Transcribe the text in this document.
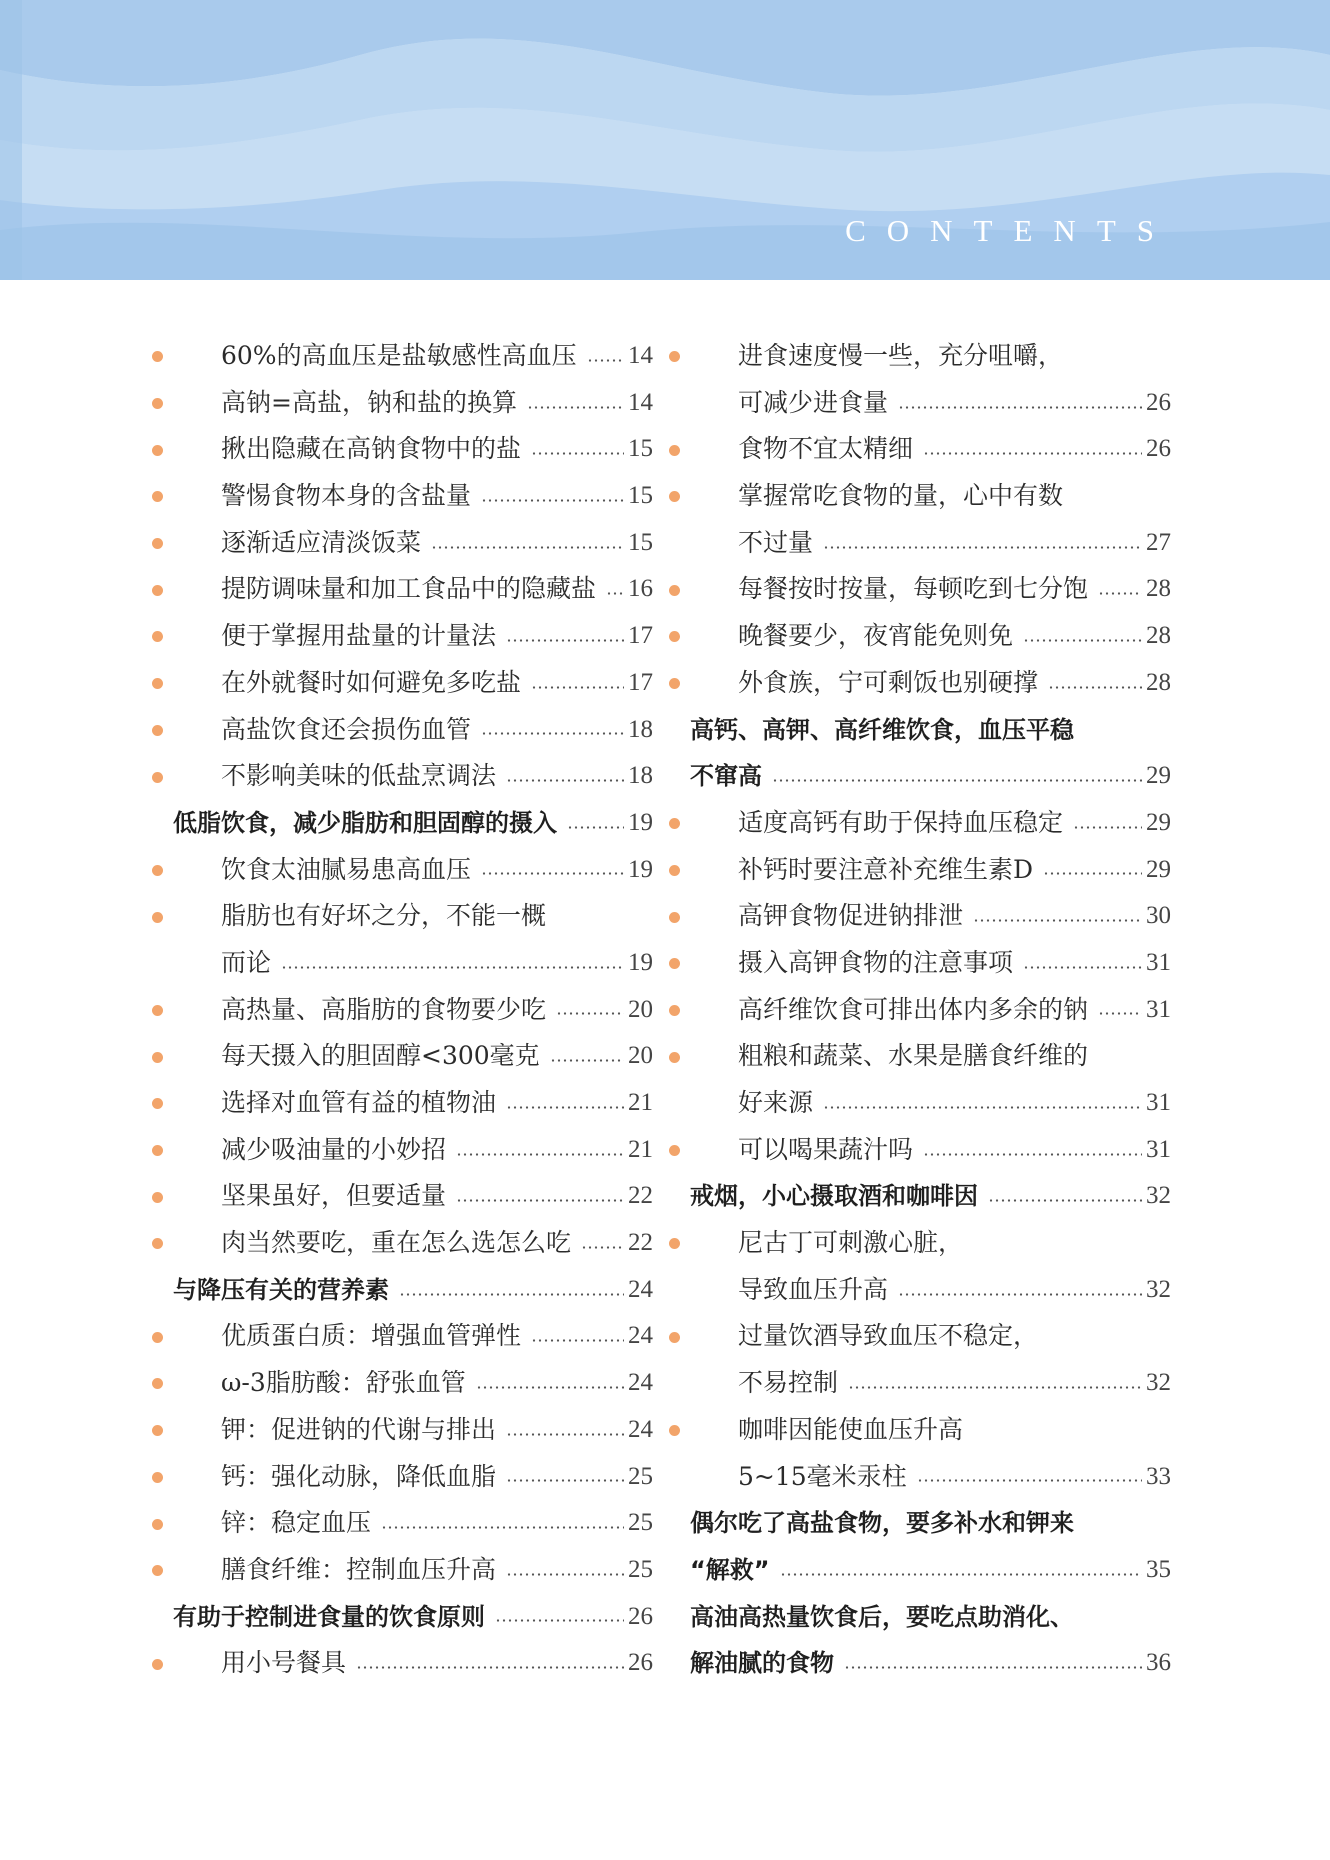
CONTENTS
60%的高血压是盐敏感性高血压 14
高钠=高盐，钠和盐的换算	14
揪出隐藏在高钠食物中的盐	15
警惕食物本身的含盐量	15
逐渐适应清淡饭菜	15
提防调味量和加工食品中的隐藏盐 16
便于掌握用盐量的计量法	17
在外就餐时如何避免多吃盐	17
高盐饮食还会损伤血管	18
不影响美味的低盐烹调法	18
低脂饮食，减少脂肪和胆固醇的摄入	19
饮食太油腻易患高血压	19
脂肪也有好坏之分，不能一概
而论	19
高热量、高脂肪的食物要少吃	20
每天摄入的胆固醇<300毫克	20
选择对血管有益的植物油	21
减少吸油量的小妙招	21
坚果虽好，但要适量	22
肉当然要吃，重在怎么选怎么吃 22
与降压有关的营养素	24
优质蛋白质：增强血管弹性	24
ω-3脂肪酸：舒张血管	24
钾：促进钠的代谢与排出	24
钙：强化动脉，降低血脂	25
锌：稳定血压	25
膳食纤维：控制血压升高	25
有助于控制进食量的饮食原则	26
用小号餐具	26
进食速度慢一些，充分咀嚼，
可减少进食量	26
食物不宜太精细	26
掌握常吃食物的量，心中有数
不过量	27
每餐按时按量，每顿吃到七分饱 28
晚餐要少，夜宵能免则免	28
外食族，宁可剩饭也别硬撑	28
高钙、高钾、高纤维饮食，血压平稳
不窜高	29
适度高钙有助于保持血压稳定	29
补钙时要注意补充维生素D	29
高钾食物促进钠排泄	30
摄入高钾食物的注意事项	31
高纤维饮食可排出体内多余的钠 31
粗粮和蔬菜、水果是膳食纤维的
好来源	31
可以喝果蔬汁吗	31
戒烟，小心摄取酒和咖啡因	32
尼古丁可刺激心脏，
导致血压升高	32
过量饮酒导致血压不稳定，
不易控制	32
咖啡因能使血压升高
5~15毫米汞柱	33
偶尔吃了高盐食物，要多补水和钾来
“解救”	35
高油高热量饮食后，要吃点助消化、
解油腻的食物	36
